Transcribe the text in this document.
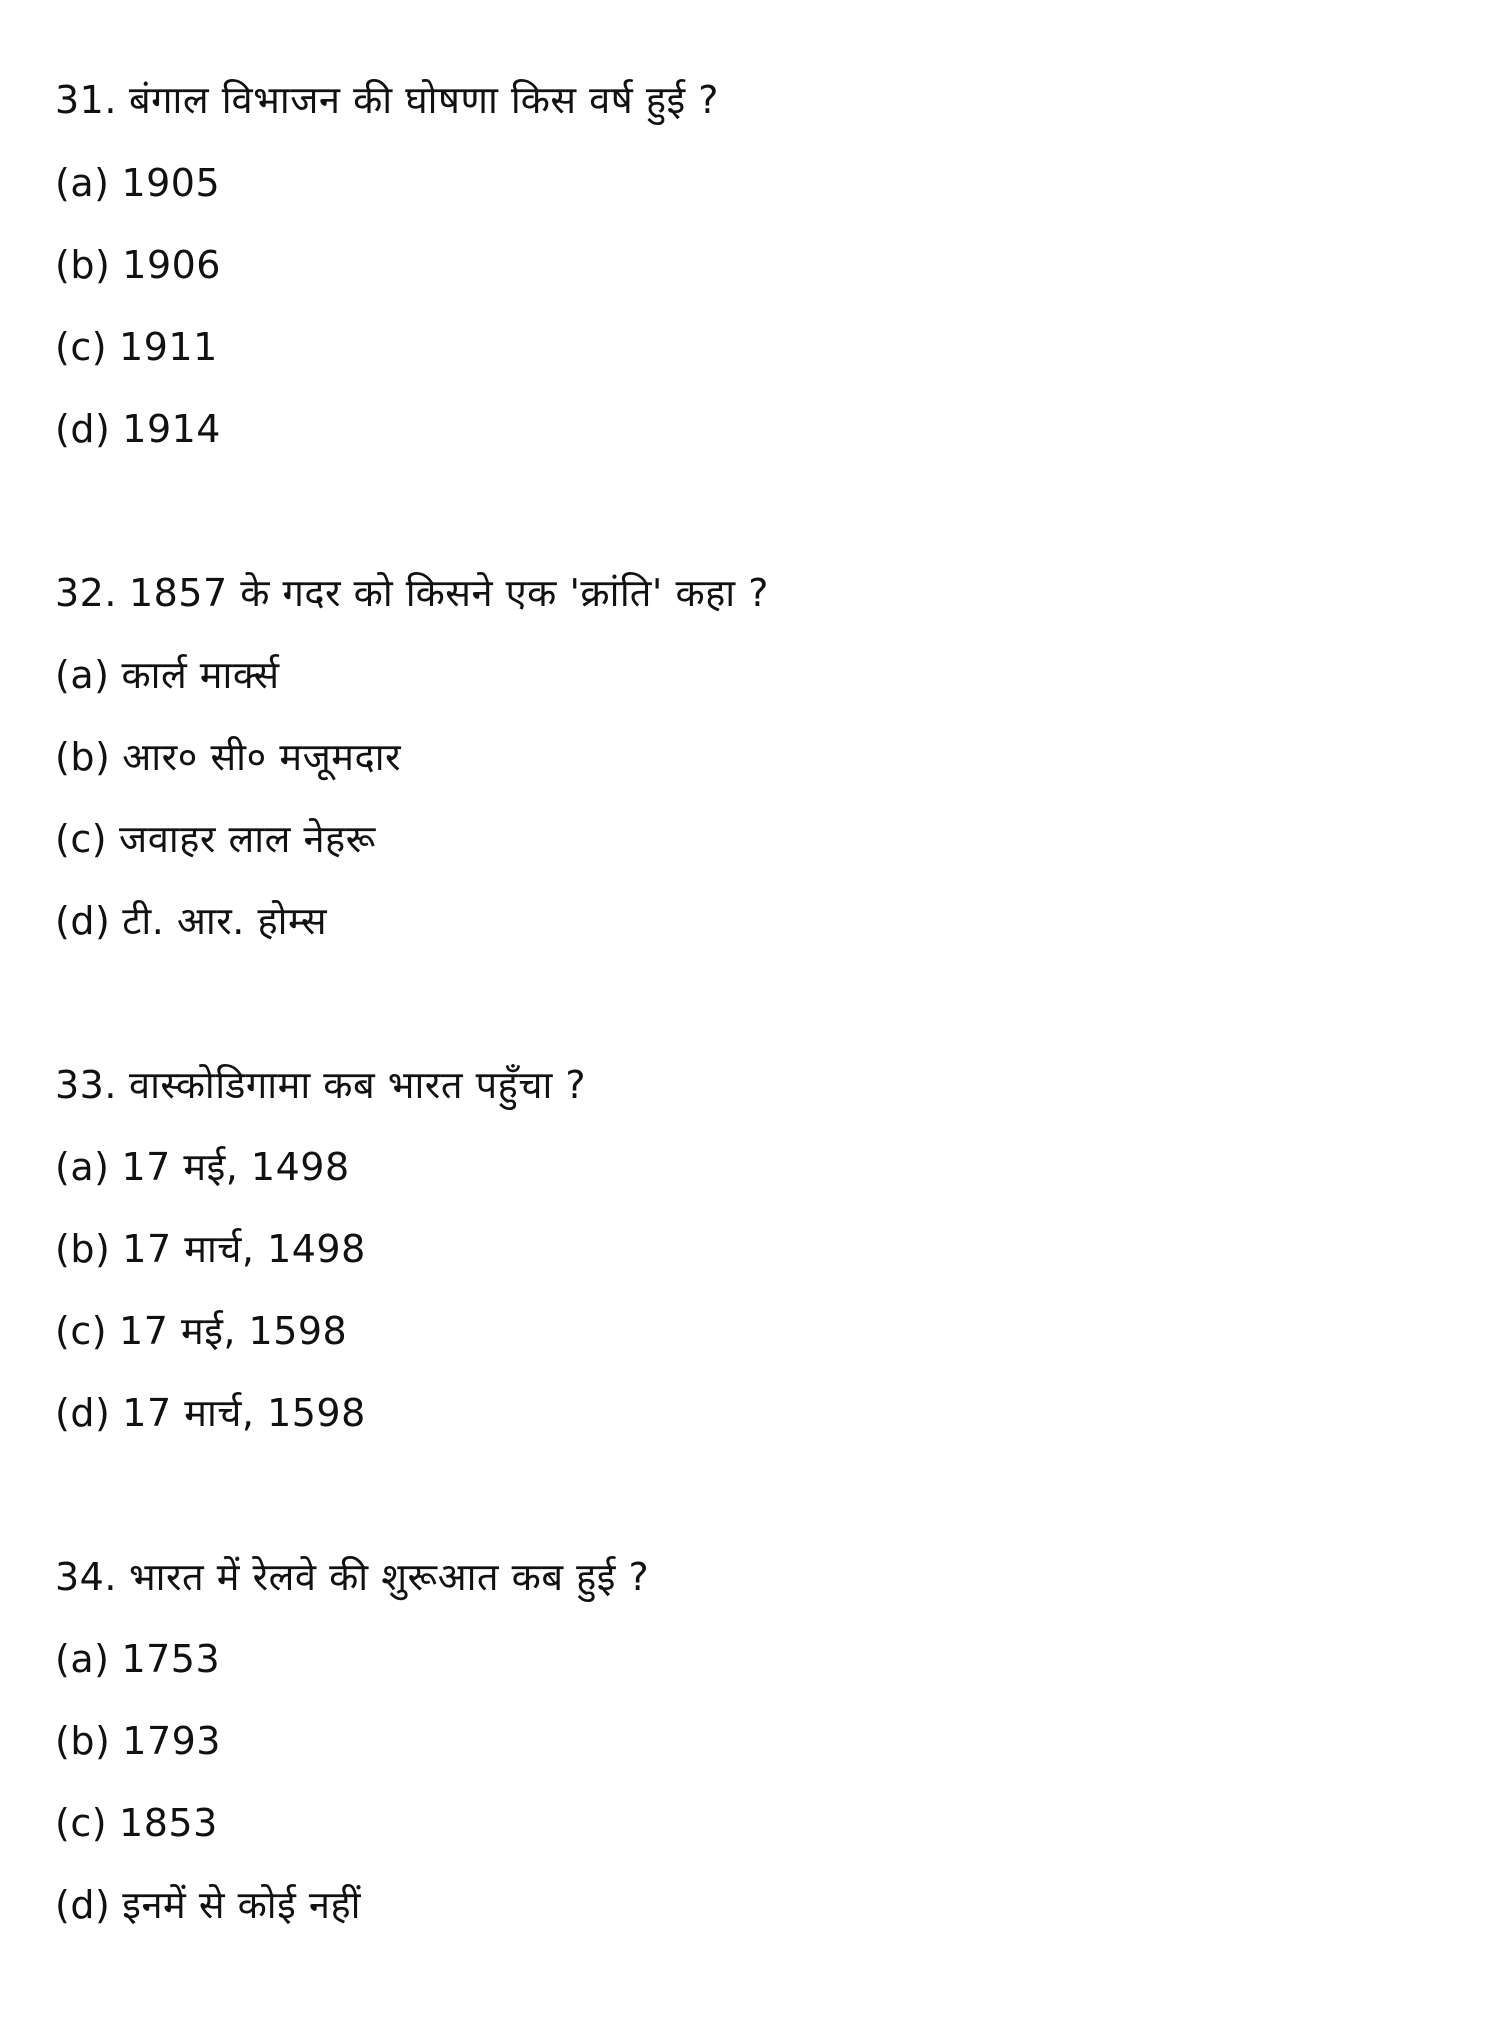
31. बंगाल विभाजन की घोषणा किस वर्ष हुई ?
(a) 1905
(b) 1906
(c) 1911
(d) 1914
32. 1857 के गदर को किसने एक 'क्रांति' कहा ?
(a) कार्ल मार्क्स
(b) आर० सी० मजूमदार
(c) जवाहर लाल नेहरू
(d) टी. आर. होम्स
33. वास्कोडिगामा कब भारत पहुँचा ?
(a) 17 मई, 1498
(b) 17 मार्च, 1498
(c) 17 मई, 1598
(d) 17 मार्च, 1598
34. भारत में रेलवे की शुरूआत कब हुई ?
(a) 1753
(b) 1793
(c) 1853
(d) इनमें से कोई नहीं
